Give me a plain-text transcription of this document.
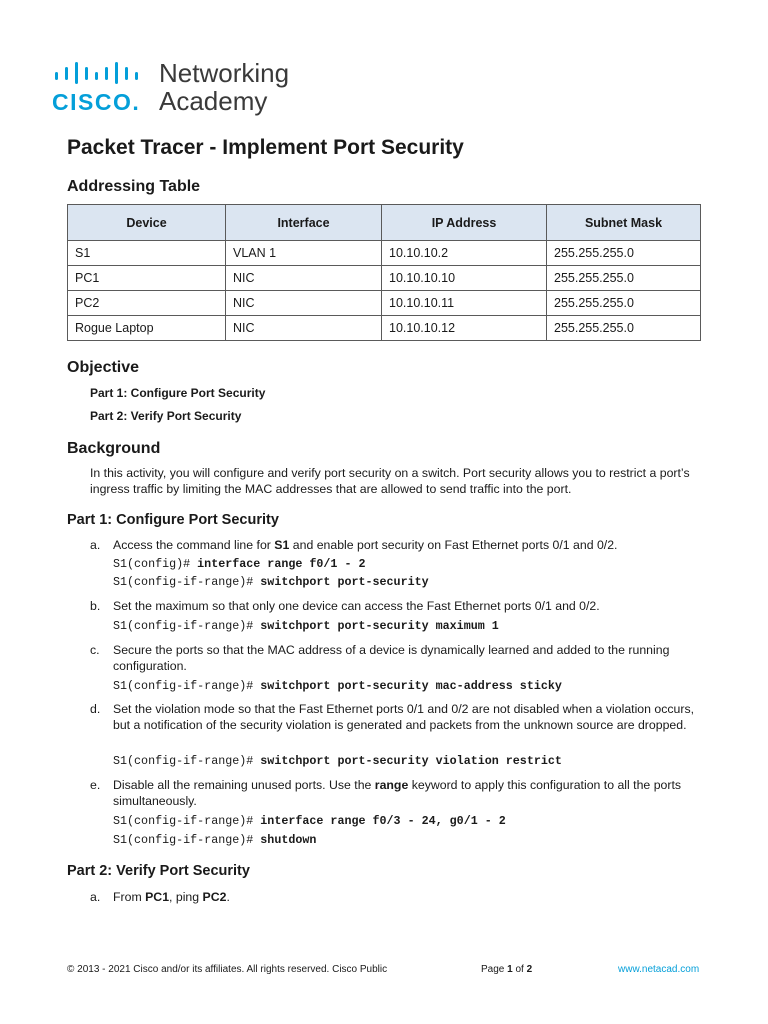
CISCO.
Networking
Academy
Packet Tracer - Implement Port Security
Addressing Table
Device	Interface	IP Address	Subnet Mask
S1	VLAN 1	10.10.10.2	255.255.255.0
PC1	NIC	10.10.10.10	255.255.255.0
PC2	NIC	10.10.10.11	255.255.255.0
Rogue Laptop	NIC	10.10.10.12	255.255.255.0
Objective
Part 1: Configure Port Security
Part 2: Verify Port Security
Background

In this activity, you will configure and verify port security on a switch. Port security allows you to restrict a port’s ingress traffic by limiting the MAC addresses that are allowed to send traffic into the port.

Part 1: Configure Port Security
a. Access the command line for S1 and enable port security on Fast Ethernet ports 0/1 and 0/2.
S1(config)# interface range f0/1 - 2
S1(config-if-range)# switchport port-security
b. Set the maximum so that only one device can access the Fast Ethernet ports 0/1 and 0/2.
S1(config-if-range)# switchport port-security maximum 1
c. Secure the ports so that the MAC address of a device is dynamically learned and added to the running configuration.
S1(config-if-range)# switchport port-security mac-address sticky
d. Set the violation mode so that the Fast Ethernet ports 0/1 and 0/2 are not disabled when a violation occurs, but a notification of the security violation is generated and packets from the unknown source are dropped.
S1(config-if-range)# switchport port-security violation restrict
e. Disable all the remaining unused ports. Use the range keyword to apply this configuration to all the ports simultaneously.
S1(config-if-range)# interface range f0/3 - 24, g0/1 - 2
S1(config-if-range)# shutdown
Part 2: Verify Port Security
a. From PC1, ping PC2.
© 2013 - 2021 Cisco and/or its affiliates. All rights reserved. Cisco Public	Page 1 of 2	www.netacad.com
